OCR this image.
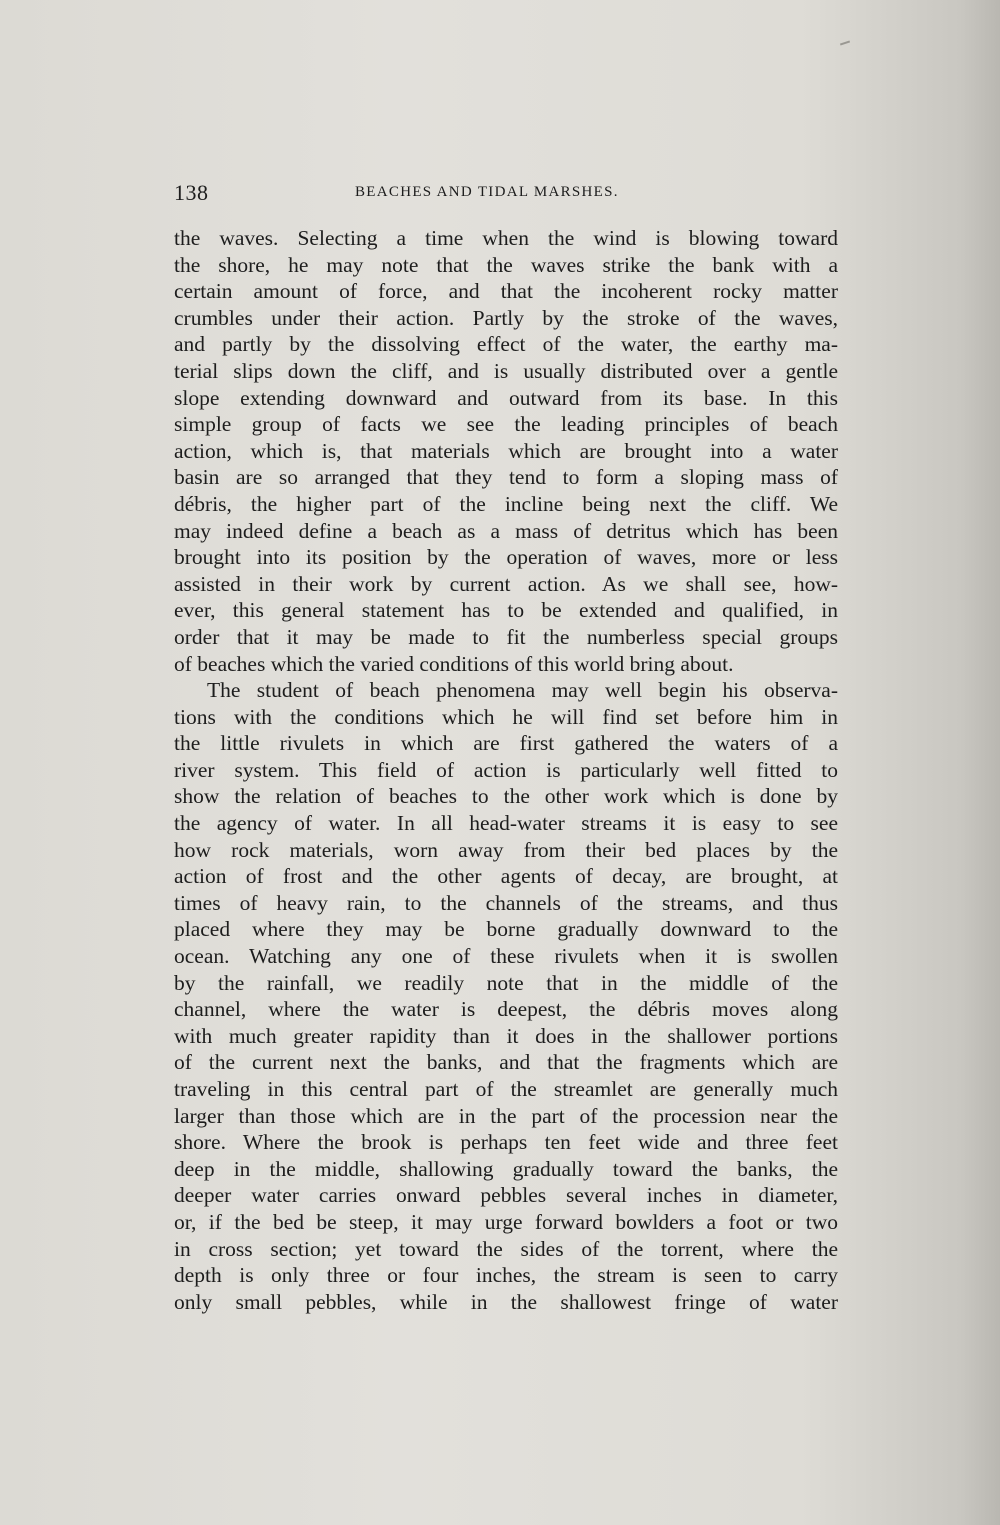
138	BEACHES AND TIDAL MARSHES.
the waves. Selecting a time when the wind is blowing toward
the shore, he may note that the waves strike the bank with a
certain amount of force, and that the incoherent rocky matter
crumbles under their action. Partly by the stroke of the waves,
and partly by the dissolving effect of the water, the earthy ma-
terial slips down the cliff, and is usually distributed over a gentle
slope extending downward and outward from its base. In this
simple group of facts we see the leading principles of beach
action, which is, that materials which are brought into a water
basin are so arranged that they tend to form a sloping mass of
débris, the higher part of the incline being next the cliff. We
may indeed define a beach as a mass of detritus which has been
brought into its position by the operation of waves, more or less
assisted in their work by current action. As we shall see, how-
ever, this general statement has to be extended and qualified, in
order that it may be made to fit the numberless special groups
of beaches which the varied conditions of this world bring about.
The student of beach phenomena may well begin his observa-
tions with the conditions which he will find set before him in
the little rivulets in which are first gathered the waters of a
river system. This field of action is particularly well fitted to
show the relation of beaches to the other work which is done by
the agency of water. In all head-water streams it is easy to see
how rock materials, worn away from their bed places by the
action of frost and the other agents of decay, are brought, at
times of heavy rain, to the channels of the streams, and thus
placed where they may be borne gradually downward to the
ocean. Watching any one of these rivulets when it is swollen
by the rainfall, we readily note that in the middle of the
channel, where the water is deepest, the débris moves along
with much greater rapidity than it does in the shallower portions
of the current next the banks, and that the fragments which are
traveling in this central part of the streamlet are generally much
larger than those which are in the part of the procession near the
shore. Where the brook is perhaps ten feet wide and three feet
deep in the middle, shallowing gradually toward the banks, the
deeper water carries onward pebbles several inches in diameter,
or, if the bed be steep, it may urge forward bowlders a foot or two
in cross section; yet toward the sides of the torrent, where the
depth is only three or four inches, the stream is seen to carry
only small pebbles, while in the shallowest fringe of water
